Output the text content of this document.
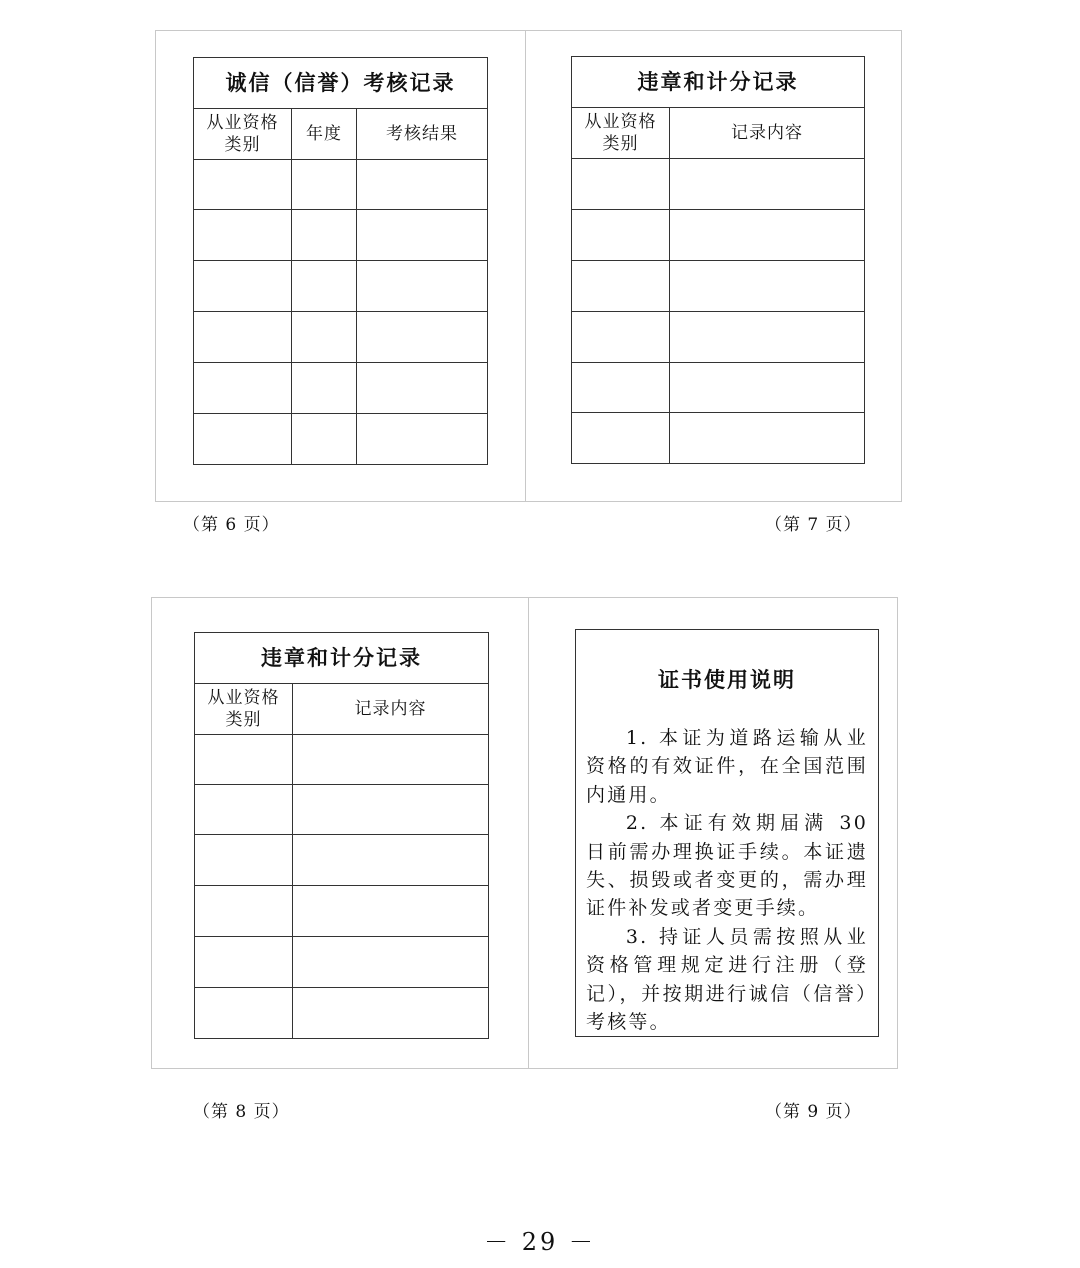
诚信（信誉）考核记录		
从业资格
类别	年度	考核结果

违章和计分记录	
从业资格
类别	记录内容

（第 6 页）	（第 7 页）
违章和计分记录	
从业资格
类别	记录内容

证书使用说明

1. 本证为道路运输从业资格的有效证件，在全国范围内通用。

2. 本证有效期届满 30 日前需办理换证手续。本证遗失、损毁或者变更的，需办理证件补发或者变更手续。

3. 持证人员需按照从业资格管理规定进行注册（登记），并按期进行诚信（信誉）考核等。

（第 8 页）	（第 9 页）
－ 29 －
